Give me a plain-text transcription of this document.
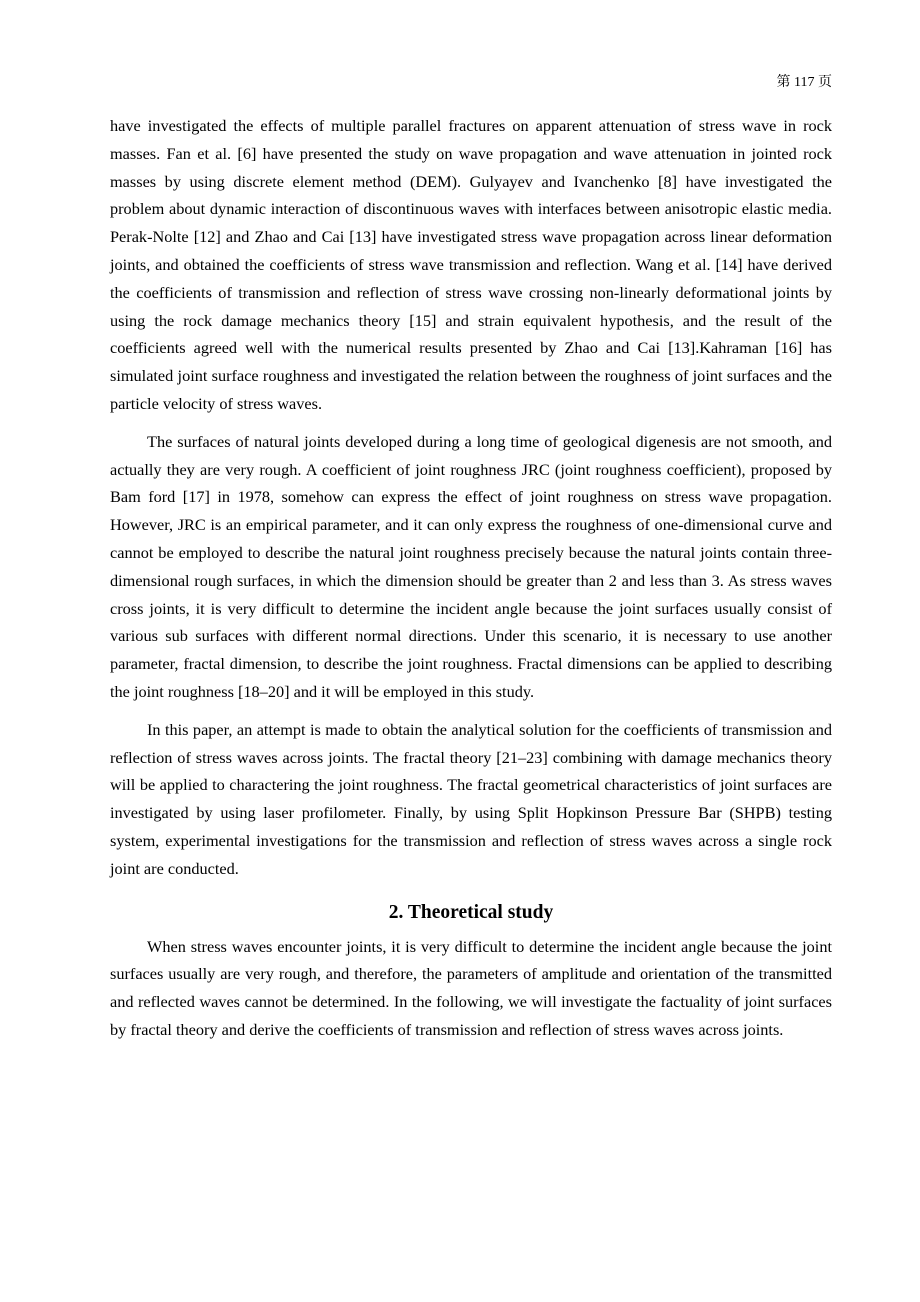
第 117 页

have investigated the effects of multiple parallel fractures on apparent attenuation of stress wave in rock masses. Fan et al. [6] have presented the study on wave propagation and wave attenuation in jointed rock masses by using discrete element method (DEM). Gulyayev and Ivanchenko [8] have investigated the problem about dynamic interaction of discontinuous waves with interfaces between anisotropic elastic media. Perak-Nolte [12] and Zhao and Cai [13] have investigated stress wave propagation across linear deformation joints, and obtained the coefficients of stress wave transmission and reflection. Wang et al. [14] have derived the coefficients of transmission and reflection of stress wave crossing non-linearly deformational joints by using the rock damage mechanics theory [15] and strain equivalent hypothesis, and the result of the coefficients agreed well with the numerical results presented by Zhao and Cai [13].Kahraman [16] has simulated joint surface roughness and investigated the relation between the roughness of joint surfaces and the particle velocity of stress waves.

The surfaces of natural joints developed during a long time of geological digenesis are not smooth, and actually they are very rough. A coefficient of joint roughness JRC (joint roughness coefficient), proposed by Bam ford [17] in 1978, somehow can express the effect of joint roughness on stress wave propagation. However, JRC is an empirical parameter, and it can only express the roughness of one-dimensional curve and cannot be employed to describe the natural joint roughness precisely because the natural joints contain three-dimensional rough surfaces, in which the dimension should be greater than 2 and less than 3. As stress waves cross joints, it is very difficult to determine the incident angle because the joint surfaces usually consist of various sub surfaces with different normal directions. Under this scenario, it is necessary to use another parameter, fractal dimension, to describe the joint roughness. Fractal dimensions can be applied to describing the joint roughness [18–20] and it will be employed in this study.

In this paper, an attempt is made to obtain the analytical solution for the coefficients of transmission and reflection of stress waves across joints. The fractal theory [21–23] combining with damage mechanics theory will be applied to charactering the joint roughness. The fractal geometrical characteristics of joint surfaces are investigated by using laser profilometer. Finally, by using Split Hopkinson Pressure Bar (SHPB) testing system, experimental investigations for the transmission and reflection of stress waves across a single rock joint are conducted.

2. Theoretical study

When stress waves encounter joints, it is very difficult to determine the incident angle because the joint surfaces usually are very rough, and therefore, the parameters of amplitude and orientation of the transmitted and reflected waves cannot be determined. In the following, we will investigate the factuality of joint surfaces by fractal theory and derive the coefficients of transmission and reflection of stress waves across joints.
